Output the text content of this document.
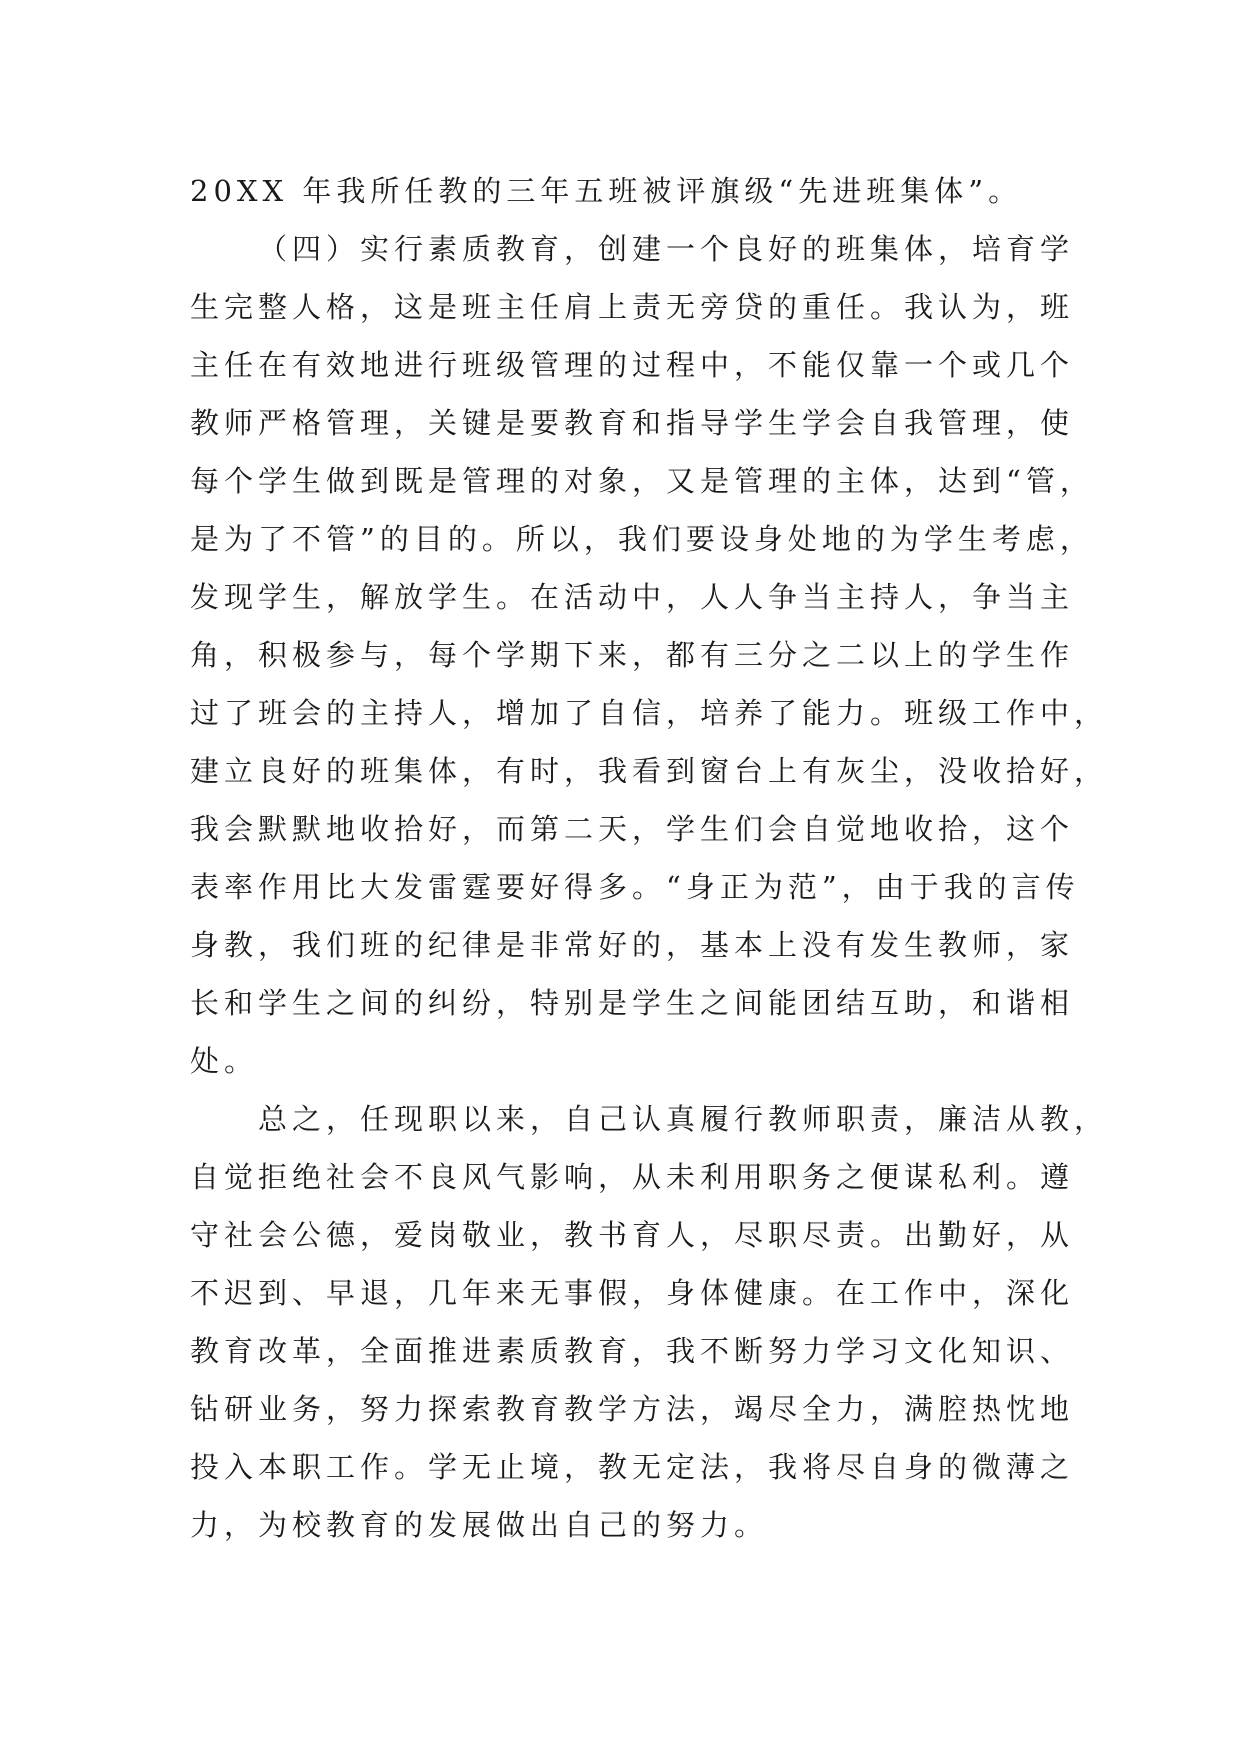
20XX 年我所任教的三年五班被评旗级“先进班集体”。
（四）实行素质教育，创建一个良好的班集体，培育学
生完整人格，这是班主任肩上责无旁贷的重任。我认为，班
主任在有效地进行班级管理的过程中，不能仅靠一个或几个
教师严格管理，关键是要教育和指导学生学会自我管理，使
每个学生做到既是管理的对象，又是管理的主体，达到“管，
是为了不管”的目的。所以，我们要设身处地的为学生考虑，
发现学生，解放学生。在活动中，人人争当主持人，争当主
角，积极参与，每个学期下来，都有三分之二以上的学生作
过了班会的主持人，增加了自信，培养了能力。班级工作中，
建立良好的班集体，有时，我看到窗台上有灰尘，没收拾好，
我会默默地收拾好，而第二天，学生们会自觉地收拾，这个
表率作用比大发雷霆要好得多。“身正为范”，由于我的言传
身教，我们班的纪律是非常好的，基本上没有发生教师，家
长和学生之间的纠纷，特别是学生之间能团结互助，和谐相
处。
总之，任现职以来，自己认真履行教师职责，廉洁从教，
自觉拒绝社会不良风气影响，从未利用职务之便谋私利。遵
守社会公德，爱岗敬业，教书育人，尽职尽责。出勤好，从
不迟到、早退，几年来无事假，身体健康。在工作中，深化
教育改革，全面推进素质教育，我不断努力学习文化知识、
钻研业务，努力探索教育教学方法，竭尽全力，满腔热忱地
投入本职工作。学无止境，教无定法，我将尽自身的微薄之
力，为校教育的发展做出自己的努力。
